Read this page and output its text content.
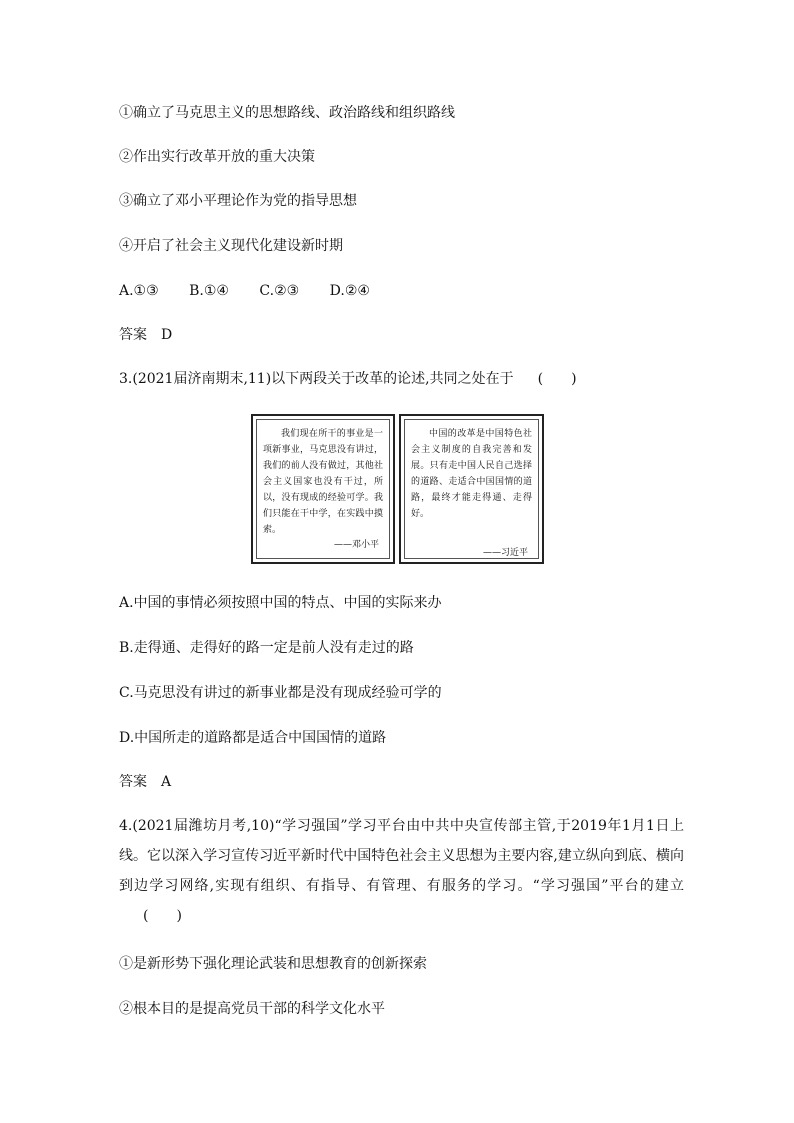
①确立了马克思主义的思想路线、政治路线和组织路线
②作出实行改革开放的重大决策
③确立了邓小平理论作为党的指导思想
④开启了社会主义现代化建设新时期
A.①③ B.①④ C.②③ D.②④
答案　D
3.(2021届济南期末,11)以下两段关于改革的论述,共同之处在于 (　　)
我们现在所干的事业是一项新事业，马克思没有讲过，我们的前人没有做过，其他社会主义国家也没有干过，所以，没有现成的经验可学。我们只能在干中学，在实践中摸索。
——邓小平
中国的改革是中国特色社会主义制度的自我完善和发展。只有走中国人民自己选择的道路、走适合中国国情的道路，最终才能走得通、走得好。
——习近平
A.中国的事情必须按照中国的特点、中国的实际来办
B.走得通、走得好的路一定是前人没有走过的路
C.马克思没有讲过的新事业都是没有现成经验可学的
D.中国所走的道路都是适合中国国情的道路
答案　A
4.(2021届潍坊月考,10)“学习强国”学习平台由中共中央宣传部主管,于2019年1月1日上线。它以深入学习宣传习近平新时代中国特色社会主义思想为主要内容,建立纵向到底、横向到边学习网络,实现有组织、有指导、有管理、有服务的学习。“学习强国”平台的建立(　　)
①是新形势下强化理论武装和思想教育的创新探索
②根本目的是提高党员干部的科学文化水平
